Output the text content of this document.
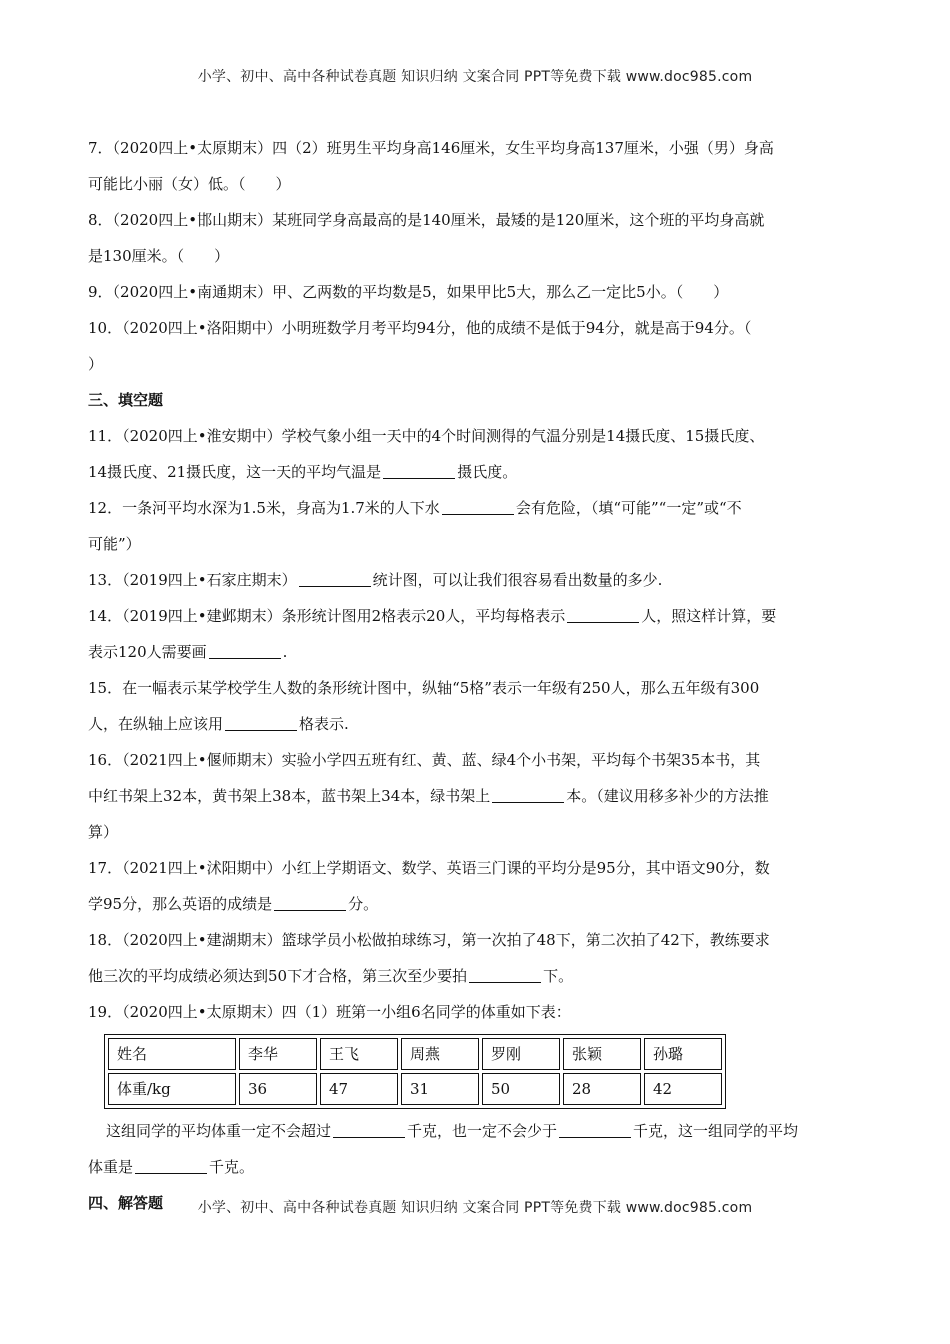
小学、初中、高中各种试卷真题 知识归纳 文案合同 PPT等免费下载 www.doc985.com

7．（2020四上•太原期末）四（2）班男生平均身高146厘米，女生平均身高137厘米，小强（男）身高

可能比小丽（女）低。（　　）

8．（2020四上•邯山期末）某班同学身高最高的是140厘米，最矮的是120厘米，这个班的平均身高就

是130厘米。（　　）

9．（2020四上•南通期末）甲、乙两数的平均数是5，如果甲比5大，那么乙一定比5小。（　　）

10．（2020四上•洛阳期中）小明班数学月考平均94分，他的成绩不是低于94分，就是高于94分。（

）

三、填空题

11．（2020四上•淮安期中）学校气象小组一天中的4个时间测得的气温分别是14摄氏度、15摄氏度、

14摄氏度、21摄氏度，这一天的平均气温是	摄氏度。

12．一条河平均水深为1.5米，身高为1.7米的人下水	会有危险，（填“可能”“一定”或“不

可能”）

13．（2019四上•石家庄期末）	统计图，可以让我们很容易看出数量的多少.

14．（2019四上•建邺期末）条形统计图用2格表示20人，平均每格表示	人，照这样计算，要

表示120人需要画	.

15．在一幅表示某学校学生人数的条形统计图中，纵轴“5格”表示一年级有250人，那么五年级有300

人，在纵轴上应该用	格表示.

16．（2021四上•偃师期末）实验小学四五班有红、黄、蓝、绿4个小书架，平均每个书架35本书，其

中红书架上32本，黄书架上38本，蓝书架上34本，绿书架上	本。（建议用移多补少的方法推

算）

17．（2021四上•沭阳期中）小红上学期语文、数学、英语三门课的平均分是95分，其中语文90分，数

学95分，那么英语的成绩是	分。

18．（2020四上•建湖期末）篮球学员小松做拍球练习，第一次拍了48下，第二次拍了42下，教练要求

他三次的平均成绩必须达到50下才合格，第三次至少要拍	下。

19．（2020四上•太原期末）四（1）班第一小组6名同学的体重如下表：

姓名	李华	王飞	周燕	罗刚	张颖	孙璐
体重/kg	36	47	31	50	28	42

这组同学的平均体重一定不会超过	千克，也一定不会少于	千克，这一组同学的平均

体重是	千克。

四、解答题	小学、初中、高中各种试卷真题 知识归纳 文案合同 PPT等免费下载 www.doc985.com
